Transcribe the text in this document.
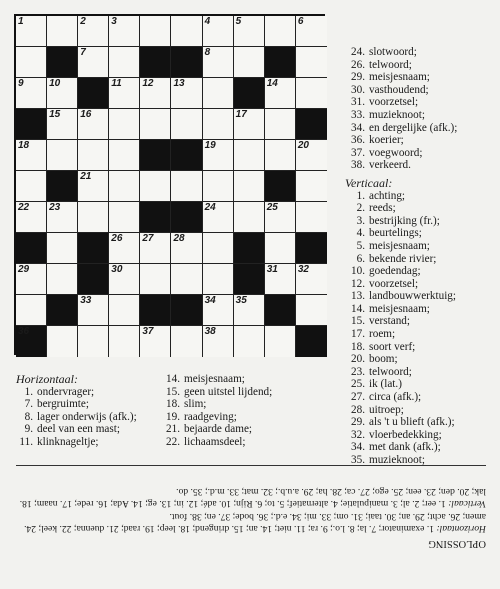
1	2	3	4	5	6
7	8
9	10	11 12 13	14
15 16	17
18	19	20
21
22 23	24	25
26 27 28
29	30	31 32
33	34 35
36	37	38
24. slotwoord;
26. telwoord;
29. meisjesnaam;
30. vasthoudend;
31. voorzetsel;
33. muzieknoot;
34. en dergelijke (afk.);
36. koerier;
37. voegwoord;
38. verkeerd.
Verticaal:
1. achting;
2. reeds;
3. bestrijking (fr.);
4. beurtelings;
5. meisjesnaam;
6. bekende rivier;
10. goedendag;
12. voorzetsel;
13. landbouwwerktuig;
14. meisjesnaam;
15. verstand;
17. roem;
18. soort verf;
20. boom;
23. telwoord;
25. ik (lat.)
27. circa (afk.);
28. uitroep;
29. als 't u blieft (afk.);
32. vloerbedekking;
34. met dank (afk.);
35. muzieknoot;
Horizontaal:
1. ondervrager;
7. bergruimte;
8. lager onderwijs (afk.);
9. deel van een mast;
11. klinknageltje;
14. meisjesnaam;
15. geen uitstel lijdend;
18. slim;
19. raadgeving;
21. bejaarde dame;
22. lichaamsdeel;
OPLOSSING
Horizontaal: 1. examinator; 7. la; 8. l.o.; 9. ra; 11. niet; 14. an; 15. dringend; 18. leep; 19. raad; 21. duenna; 22. keel; 24. amen; 26. acht; 29. an; 30. taai; 31. om; 33. mi; 34. e.d.; 36. bode; 37. en; 38. fout.
Verticaal: 1. eer; 2. al; 3. manipulatie; 4. alternatief; 5. to; 6. Rijn; 10. adé; 12. in; 13. eg; 14. Ada; 16. rede; 17. naam; 18. lak; 20. den; 23. een; 25. ego; 27. ca; 28. ha; 29. a.u.b.; 32. mat; 33. m.d.; 35. do.
